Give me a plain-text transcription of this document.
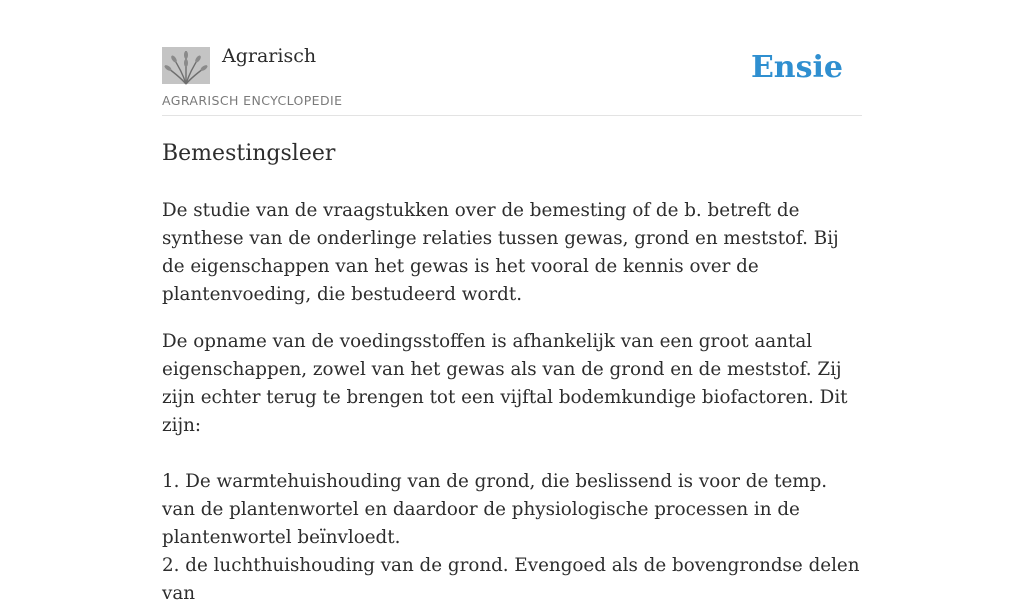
Agrarisch
AGRARISCH ENCYCLOPEDIE
Ensie
Bemestingsleer

De studie van de vraagstukken over de bemesting of de b. betreft de synthese van de onderlinge relaties tussen gewas, grond en meststof. Bij de eigenschappen van het gewas is het vooral de kennis over de plantenvoeding, die bestudeerd wordt.

De opname van de voedingsstoffen is afhankelijk van een groot aantal eigenschappen, zowel van het gewas als van de grond en de meststof. Zij zijn echter terug te brengen tot een vijftal bodemkundige biofactoren. Dit zijn:

1. De warmtehuishouding van de grond, die beslissend is voor de temp. van de plantenwortel en daardoor de physiologische processen in de plantenwortel beïnvloedt.
2. de luchthuishouding van de grond. Evengoed als de bovengrondse delen van
